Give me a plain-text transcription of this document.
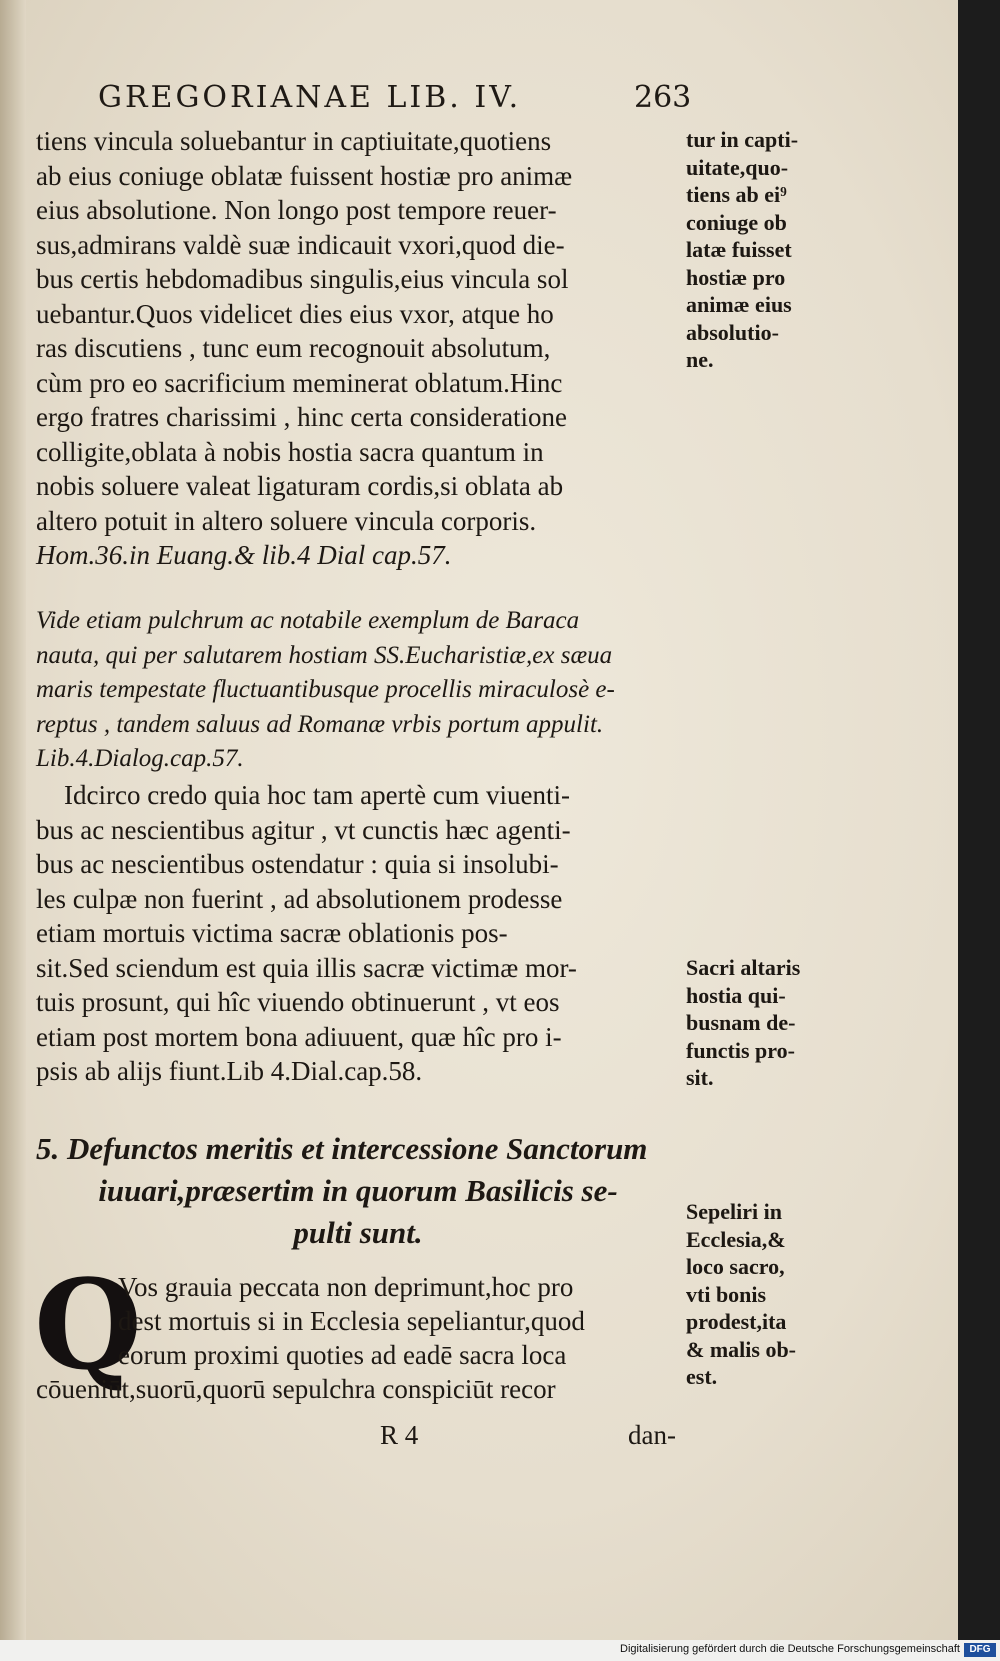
GREGORIANAE LIB. IV.	263
tiens vincula soluebantur in captiuitate,quotiens
ab eius coniuge oblatæ fuissent hostiæ pro animæ
eius absolutione. Non longo post tempore reuer-
sus,admirans valdè suæ indicauit vxori,quod die-
bus certis hebdomadibus singulis,eius vincula sol
uebantur.Quos videlicet dies eius vxor, atque ho
ras discutiens , tunc eum recognouit absolutum,
cùm pro eo sacrificium meminerat oblatum.Hinc
ergo fratres charissimi , hinc certa consideratione
colligite,oblata à nobis hostia sacra quantum in
nobis soluere valeat ligaturam cordis,si oblata ab
altero potuit in altero soluere vincula corporis.
Hom.36.in Euang.& lib.4 Dial cap.57.
Vide etiam pulchrum ac notabile exemplum de Baraca
nauta, qui per salutarem hostiam SS.Eucharistiæ,ex sæua
maris tempestate fluctuantibusque procellis miraculosè e-
reptus , tandem saluus ad Romanæ vrbis portum appulit.
Lib.4.Dialog.cap.57.
Idcirco credo quia hoc tam apertè cum viuenti-
bus ac nescientibus agitur , vt cunctis hæc agenti-
bus ac nescientibus ostendatur : quia si insolubi-
les culpæ non fuerint , ad absolutionem prodesse
etiam mortuis victima sacræ oblationis pos-
sit.Sed sciendum est quia illis sacræ victimæ mor-
tuis prosunt, qui hîc viuendo obtinuerunt , vt eos
etiam post mortem bona adiuuent, quæ hîc pro i-
psis ab alijs fiunt.Lib 4.Dial.cap.58.
5. Defunctos meritis et intercessione Sanctorum
iuuari,præsertim in quorum Basilicis se-
pulti sunt.
Q
Vos grauia peccata non deprimunt,hoc pro
dest mortuis si in Ecclesia sepeliantur,quod
eorum proximi quoties ad eadē sacra loca
cōueniūt,suorū,quorū sepulchra conspiciūt recor
R 4	dan-
tur in capti-
uitate,quo-
tiens ab ei⁹
coniuge ob
latæ fuisset
hostiæ pro
animæ eius
absolutio-
ne.
Sacri altaris
hostia qui-
busnam de-
functis pro-
sit.
Sepeliri in
Ecclesia,&
loco sacro,
vti bonis
prodest,ita
& malis ob-
est.
Digitalisierung gefördert durch die Deutsche Forschungsgemeinschaft DFG
